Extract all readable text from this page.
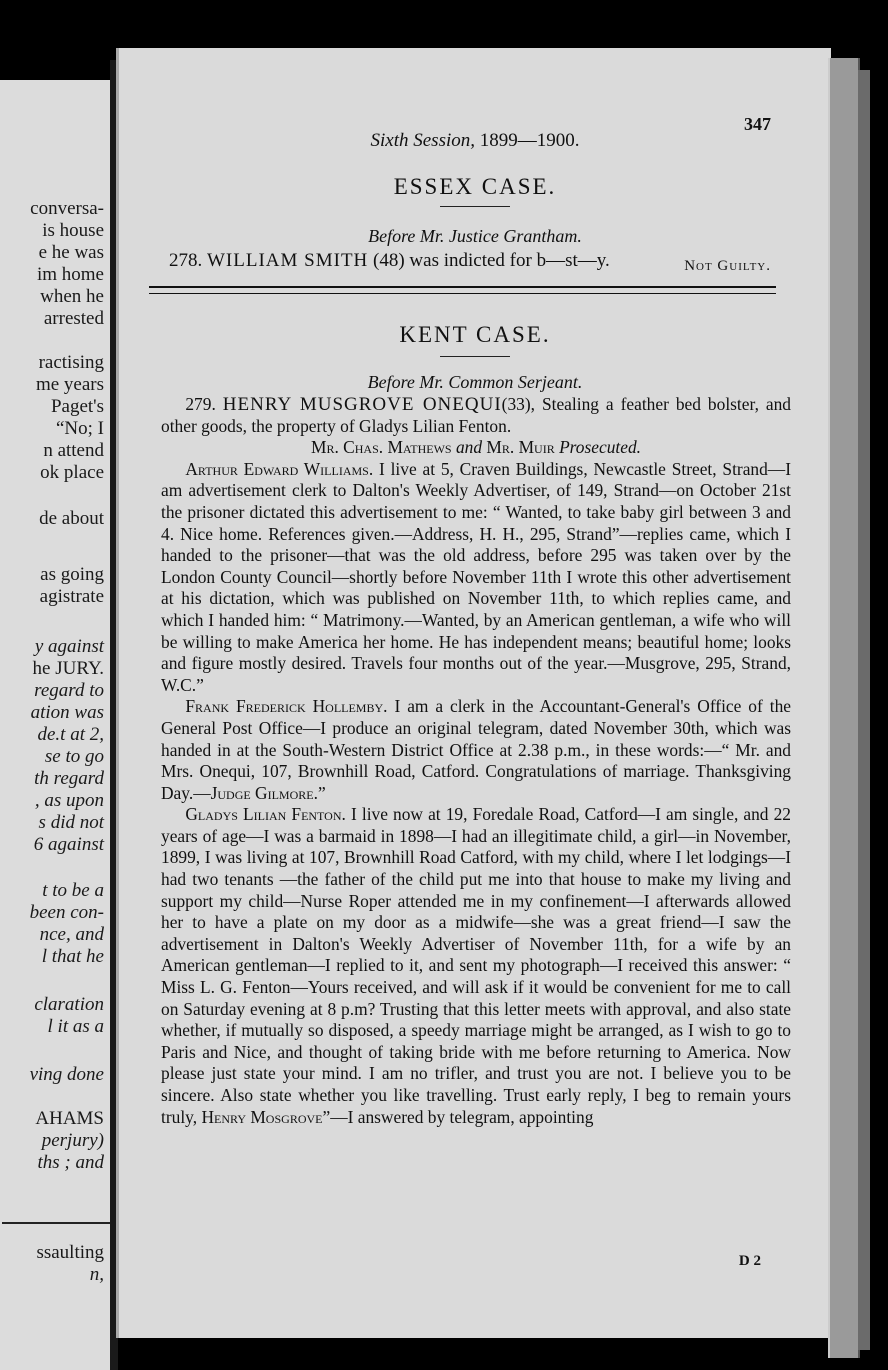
conversa-
is house
e he was
im home
when he
arrested
ractising
me years
Paget's
“No; I
n attend
ok place
de about
as going
agistrate
y against
he JURY.
regard to
ation was
de.t at 2,
se to go
th regard
, as upon
s did not
6 against
t to be a
been con-
nce, and
l that he
claration
l it as a
ving done
AHAMS
perjury)
ths ; and
ssaulting
n,
Sixth Session, 1899—1900.
347
ESSEX CASE.
Before Mr. Justice Grantham.
278. WILLIAM SMITH (48) was indicted for b—st—y.	Not Guilty.
KENT CASE.
Before Mr. Common Serjeant.

279. HENRY MUSGROVE ONEQUI(33), Stealing a feather bed bolster, and other goods, the property of Gladys Lilian Fenton.

Mr. Chas. Mathews and Mr. Muir Prosecuted.

Arthur Edward Williams. I live at 5, Craven Buildings, Newcastle Street, Strand—I am advertisement clerk to Dalton's Weekly Advertiser, of 149, Strand—on October 21st the prisoner dictated this advertisement to me: “ Wanted, to take baby girl between 3 and 4. Nice home. References given.—Address, H. H., 295, Strand”—replies came, which I handed to the prisoner—that was the old address, before 295 was taken over by the London County Council—shortly before November 11th I wrote this other advertisement at his dictation, which was published on November 11th, to which replies came, and which I handed him: “ Matrimony.—Wanted, by an American gentleman, a wife who will be willing to make America her home. He has independent means; beautiful home; looks and figure mostly desired. Travels four months out of the year.—Musgrove, 295, Strand, W.C.”

Frank Frederick Hollemby. I am a clerk in the Accountant-General's Office of the General Post Office—I produce an original telegram, dated November 30th, which was handed in at the South-Western District Office at 2.38 p.m., in these words:—“ Mr. and Mrs. Onequi, 107, Brownhill Road, Catford. Congratulations of marriage. Thanksgiving Day.—Judge Gilmore.”

Gladys Lilian Fenton. I live now at 19, Foredale Road, Catford—I am single, and 22 years of age—I was a barmaid in 1898—I had an illegitimate child, a girl—in November, 1899, I was living at 107, Brownhill Road Catford, with my child, where I let lodgings—I had two tenants —the father of the child put me into that house to make my living and support my child—Nurse Roper attended me in my confinement—I afterwards allowed her to have a plate on my door as a midwife—she was a great friend—I saw the advertisement in Dalton's Weekly Advertiser of November 11th, for a wife by an American gentleman—I replied to it, and sent my photograph—I received this answer: “ Miss L. G. Fenton—Yours received, and will ask if it would be convenient for me to call on Saturday evening at 8 p.m? Trusting that this letter meets with approval, and also state whether, if mutually so disposed, a speedy marriage might be arranged, as I wish to go to Paris and Nice, and thought of taking bride with me before returning to America. Now please just state your mind. I am no trifler, and trust you are not. I believe you to be sincere. Also state whether you like travelling. Trust early reply, I beg to remain yours truly, Henry Mosgrove”—I answered by telegram, appointing

D 2
